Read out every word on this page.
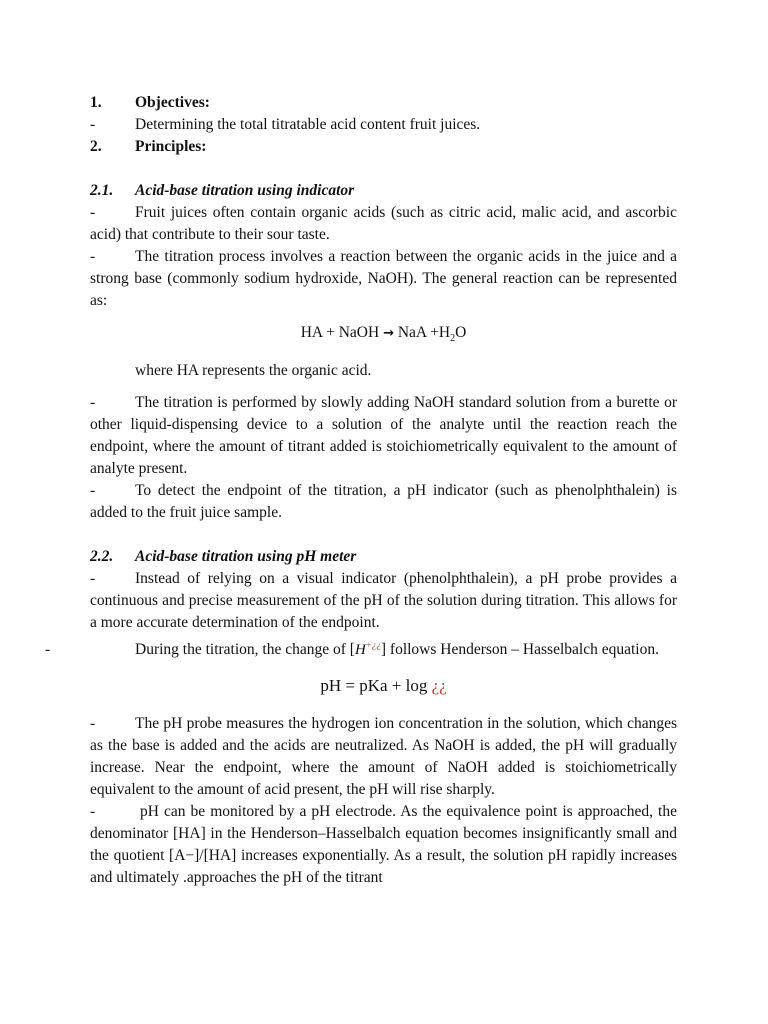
1. Objectives:

-	Determining the total titratable acid content fruit juices.

2. Principles:

2.1. Acid-base titration using indicator

-	Fruit juices often contain organic acids (such as citric acid, malic acid, and ascorbic acid) that contribute to their sour taste.

-	The titration process involves a reaction between the organic acids in the juice and a strong base (commonly sodium hydroxide, NaOH). The general reaction can be represented as:

HA + NaOH → NaA $+H_2O$

where HA represents the organic acid.

-	The titration is performed by slowly adding NaOH standard solution from a burette or other liquid-dispensing device to a solution of the analyte until the reaction reach the endpoint, where the amount of titrant added is stoichiometrically equivalent to the amount of analyte present.

-	To detect the endpoint of the titration, a pH indicator (such as phenolphthalein) is added to the fruit juice sample.

2.2. Acid-base titration using pH meter

-	Instead of relying on a visual indicator (phenolphthalein), a pH probe provides a continuous and precise measurement of the pH of the solution during titration. This allows for a more accurate determination of the endpoint.

-	During the titration, the change of [H+¿¿] follows Henderson – Hasselbalch equation.

pH = pKa + log ¿¿

-	The pH probe measures the hydrogen ion concentration in the solution, which changes as the base is added and the acids are neutralized. As NaOH is added, the pH will gradually increase. Near the endpoint, where the amount of NaOH added is stoichiometrically equivalent to the amount of acid present, the pH will rise sharply.

-	pH can be monitored by a pH electrode. As the equivalence point is approached, the denominator [HA] in the Henderson–Hasselbalch equation becomes insignificantly small and the quotient [A−]/[HA] increases exponentially. As a result, the solution pH rapidly increases and ultimately .approaches the pH of the titrant
